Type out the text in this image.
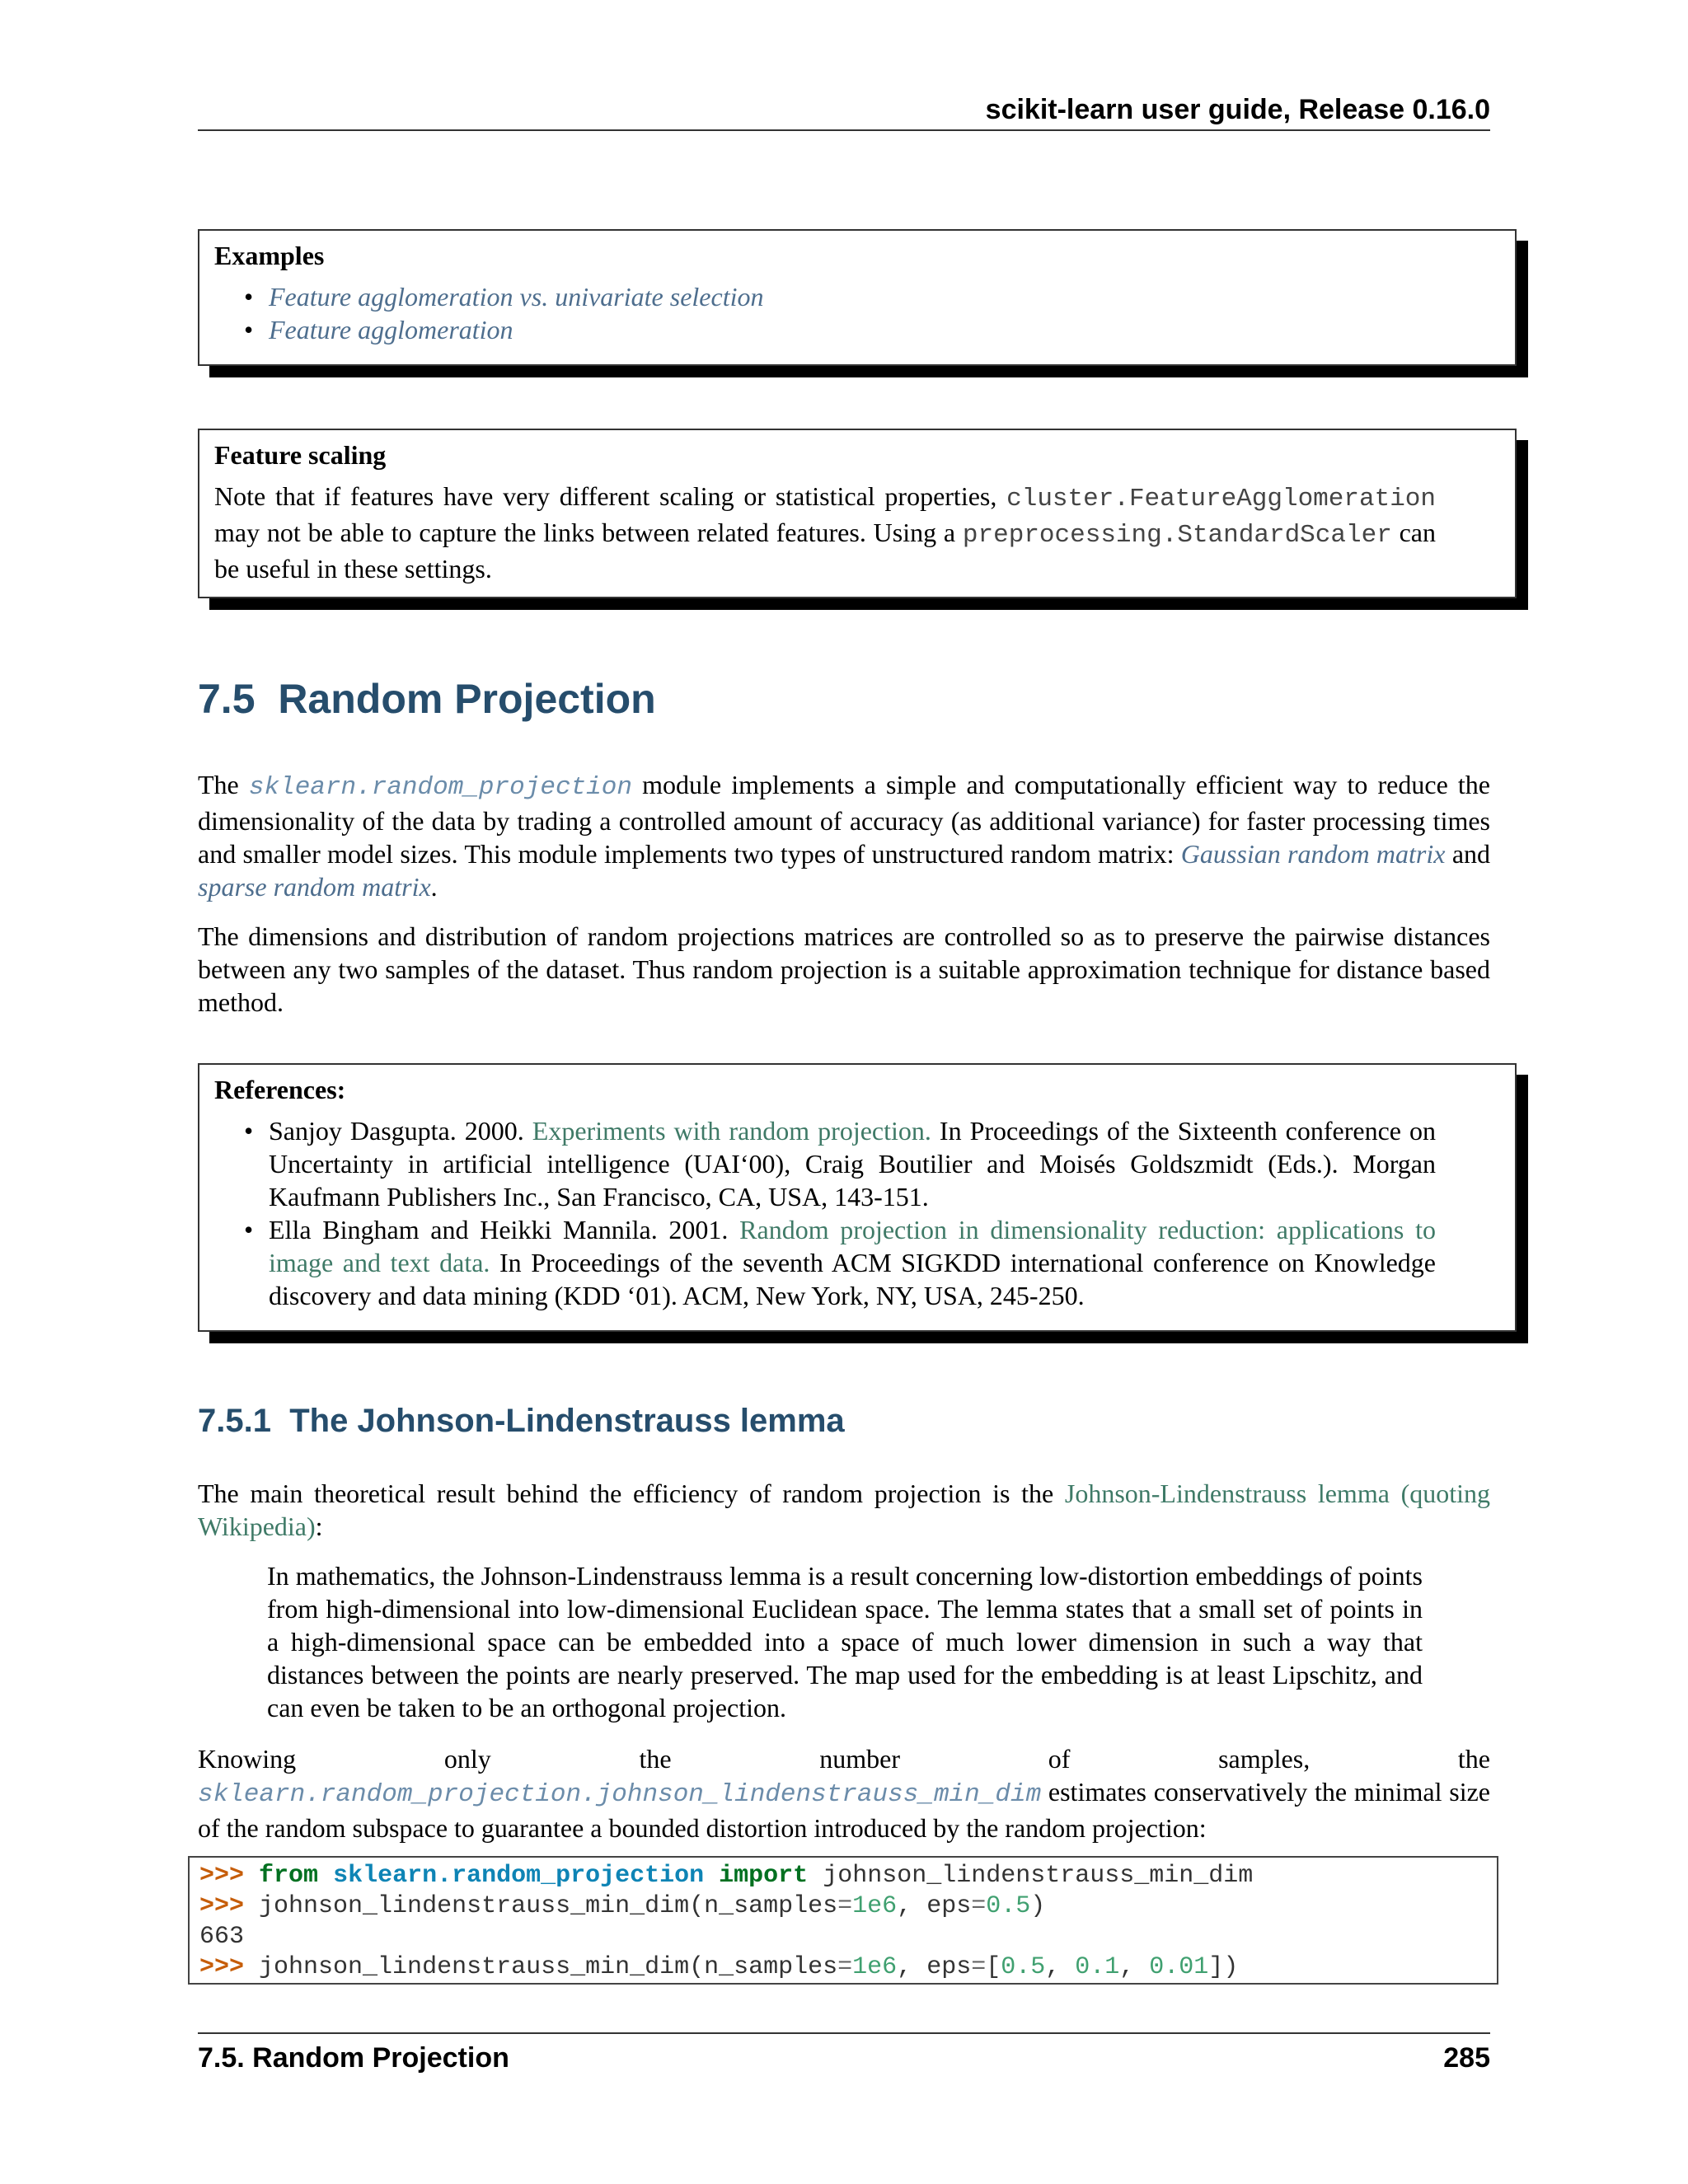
scikit-learn user guide, Release 0.16.0
Examples
• Feature agglomeration vs. univariate selection
• Feature agglomeration
Feature scaling
Note that if features have very different scaling or statistical properties, cluster.FeatureAgglomeration may not be able to capture the links between related features. Using a preprocessing.StandardScaler can be useful in these settings.
7.5 Random Projection
The sklearn.random_projection module implements a simple and computationally efficient way to reduce the dimensionality of the data by trading a controlled amount of accuracy (as additional variance) for faster processing times and smaller model sizes. This module implements two types of unstructured random matrix: Gaussian random matrix and sparse random matrix.
The dimensions and distribution of random projections matrices are controlled so as to preserve the pairwise distances between any two samples of the dataset. Thus random projection is a suitable approximation technique for distance based method.
References:
• Sanjoy Dasgupta. 2000. Experiments with random projection. In Proceedings of the Sixteenth conference on Uncertainty in artificial intelligence (UAI‘00), Craig Boutilier and Moisés Goldszmidt (Eds.). Morgan Kaufmann Publishers Inc., San Francisco, CA, USA, 143-151.
• Ella Bingham and Heikki Mannila. 2001. Random projection in dimensionality reduction: applications to image and text data. In Proceedings of the seventh ACM SIGKDD international conference on Knowledge discovery and data mining (KDD ‘01). ACM, New York, NY, USA, 245-250.
7.5.1 The Johnson-Lindenstrauss lemma
The main theoretical result behind the efficiency of random projection is the Johnson-Lindenstrauss lemma (quoting Wikipedia):
In mathematics, the Johnson-Lindenstrauss lemma is a result concerning low-distortion embeddings of points from high-dimensional into low-dimensional Euclidean space. The lemma states that a small set of points in a high-dimensional space can be embedded into a space of much lower dimension in such a way that distances between the points are nearly preserved. The map used for the embedding is at least Lipschitz, and can even be taken to be an orthogonal projection.
Knowing only the number of samples, the sklearn.random_projection.johnson_lindenstrauss_min_dim estimates conservatively the minimal size of the random subspace to guarantee a bounded distortion introduced by the random projection:
>>> from sklearn.random_projection import johnson_lindenstrauss_min_dim
>>> johnson_lindenstrauss_min_dim(n_samples=1e6, eps=0.5)
663
>>> johnson_lindenstrauss_min_dim(n_samples=1e6, eps=[0.5, 0.1, 0.01])
7.5. Random Projection	285
